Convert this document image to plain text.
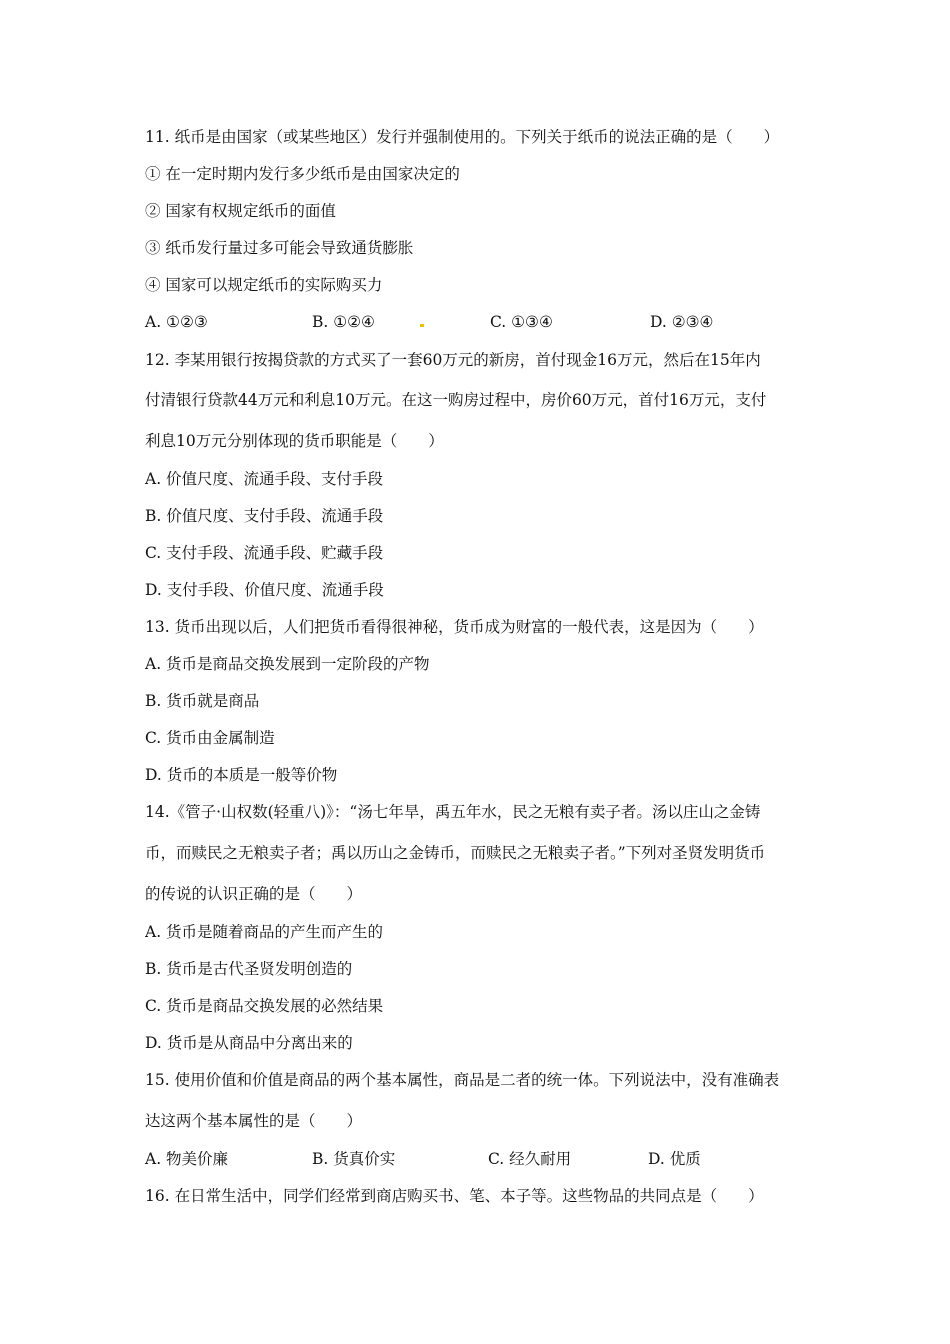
11. 纸币是由国家（或某些地区）发行并强制使用的。下列关于纸币的说法正确的是（　　）
① 在一定时期内发行多少纸币是由国家决定的
② 国家有权规定纸币的面值
③ 纸币发行量过多可能会导致通货膨胀
④ 国家可以规定纸币的实际购买力
A. ①②③	B. ①②④	C. ①③④	D. ②③④
12. 李某用银行按揭贷款的方式买了一套60万元的新房，首付现金16万元，然后在15年内
付清银行贷款44万元和利息10万元。在这一购房过程中，房价60万元，首付16万元，支付
利息10万元分别体现的货币职能是（　　）
A. 价值尺度、流通手段、支付手段
B. 价值尺度、支付手段、流通手段
C. 支付手段、流通手段、贮藏手段
D. 支付手段、价值尺度、流通手段
13. 货币出现以后，人们把货币看得很神秘，货币成为财富的一般代表，这是因为（　　）
A. 货币是商品交换发展到一定阶段的产物
B. 货币就是商品
C. 货币由金属制造
D. 货币的本质是一般等价物
14.《管子·山权数(轻重八)》：“汤七年旱，禹五年水，民之无粮有卖子者。汤以庄山之金铸
币，而赎民之无粮卖子者；禹以历山之金铸币，而赎民之无粮卖子者。”下列对圣贤发明货币
的传说的认识正确的是（　　）
A. 货币是随着商品的产生而产生的
B. 货币是古代圣贤发明创造的
C. 货币是商品交换发展的必然结果
D. 货币是从商品中分离出来的
15. 使用价值和价值是商品的两个基本属性，商品是二者的统一体。下列说法中，没有准确表
达这两个基本属性的是（　　）
A. 物美价廉	B. 货真价实	C. 经久耐用	D. 优质
16. 在日常生活中，同学们经常到商店购买书、笔、本子等。这些物品的共同点是（　　）
